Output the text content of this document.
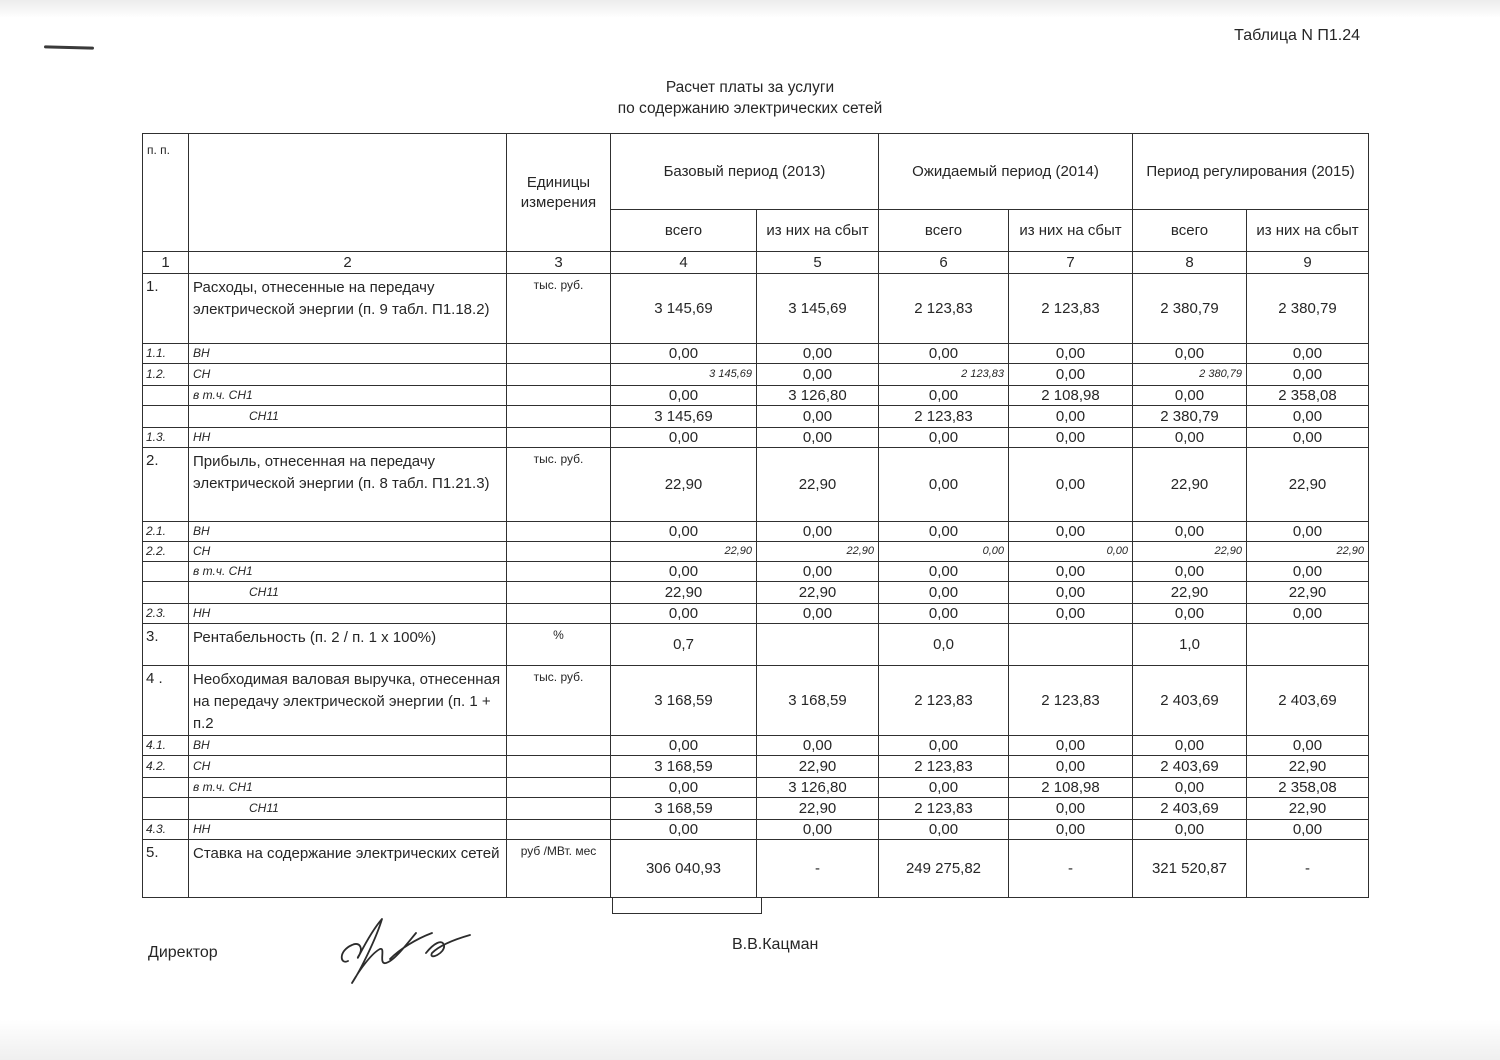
Таблица N П1.24
Расчет платы за услуги
по содержанию электрических сетей
п. п.		Единицы измерения	Базовый период (2013)		Ожидаемый период (2014)		Период регулирования (2015)	
			всего	из них на сбыт	всего	из них на сбыт	всего	из них на сбыт
1	2	3	4	5	6	7	8	9
1.	Расходы, отнесенные на передачу электрической энергии (п. 9 табл. П1.18.2)	тыс. руб.	3 145,69	3 145,69	2 123,83	2 123,83	2 380,79	2 380,79
1.1.	ВН		0,00	0,00	0,00	0,00	0,00	0,00
1.2.	СН		3 145,69	0,00	2 123,83	0,00	2 380,79	0,00
	в т.ч. СН1		0,00	3 126,80	0,00	2 108,98	0,00	2 358,08
	СН11		3 145,69	0,00	2 123,83	0,00	2 380,79	0,00
1.3.	НН		0,00	0,00	0,00	0,00	0,00	0,00
2.	Прибыль, отнесенная на передачу электрической энергии (п. 8 табл. П1.21.3)	тыс. руб.	22,90	22,90	0,00	0,00	22,90	22,90
2.1.	ВН		0,00	0,00	0,00	0,00	0,00	0,00
2.2.	СН		22,90	22,90	0,00	0,00	22,90	22,90
	в т.ч. СН1		0,00	0,00	0,00	0,00	0,00	0,00
	СН11		22,90	22,90	0,00	0,00	22,90	22,90
2.3.	НН		0,00	0,00	0,00	0,00	0,00	0,00
3.	Рентабельность (п. 2 / п. 1 x 100%)	%	0,7		0,0		1,0	
4 .	Необходимая валовая выручка, отнесенная на передачу электрической энергии (п. 1 + п.2	тыс. руб.	3 168,59	3 168,59	2 123,83	2 123,83	2 403,69	2 403,69
4.1.	ВН		0,00	0,00	0,00	0,00	0,00	0,00
4.2.	СН		3 168,59	22,90	2 123,83	0,00	2 403,69	22,90
	в т.ч. СН1		0,00	3 126,80	0,00	2 108,98	0,00	2 358,08
	СН11		3 168,59	22,90	2 123,83	0,00	2 403,69	22,90
4.3.	НН		0,00	0,00	0,00	0,00	0,00	0,00
5.	Ставка на содержание электрических сетей	руб /МВт. мес	306 040,93	-	249 275,82	-	321 520,87	-
Директор	В.В.Кацман
